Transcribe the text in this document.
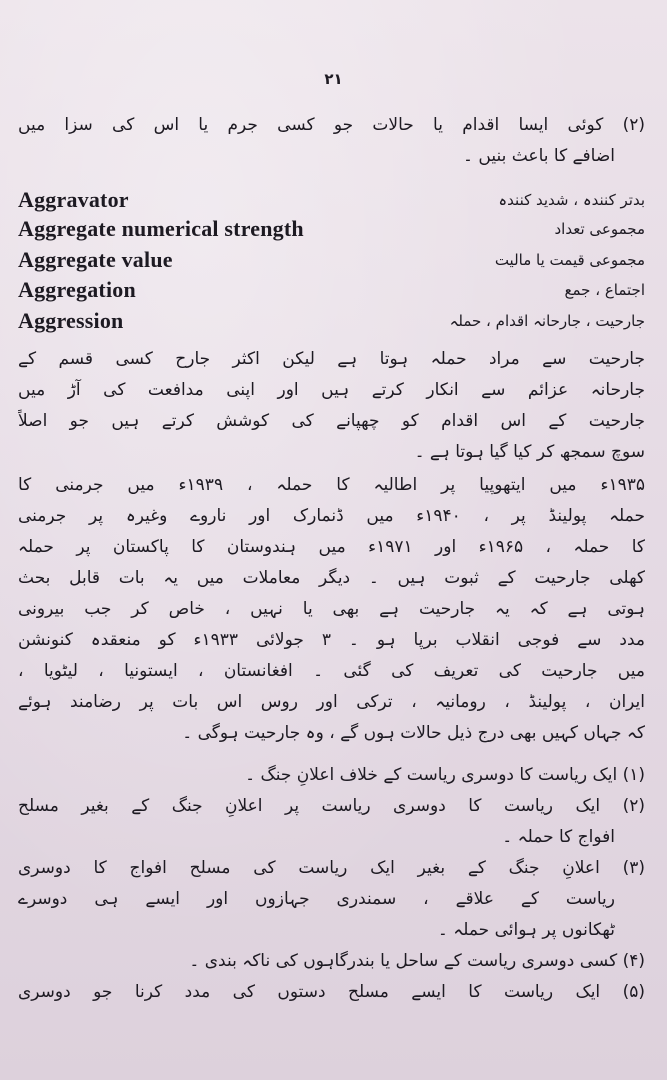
۲۱
(۲) کوئی ایسا اقدام یا حالات جو کسی جرم یا اس کی سزا میں
اضافے کا باعث بنیں ۔
Aggravator	بدتر کنندہ ، شدید کنندہ
Aggregate numerical strength	مجموعی تعداد
Aggregate value	مجموعی قیمت یا مالیت
Aggregation	اجتماع ، جمع
Aggression	جارحیت ، جارحانہ اقدام ، حملہ
جارحیت سے مراد حملہ ہوتا ہے لیکن اکثر جارح کسی قسم کے
جارحانہ عزائم سے انکار کرتے ہیں اور اپنی مدافعت کی آڑ میں
جارحیت کے اس اقدام کو چھپانے کی کوشش کرتے ہیں جو اصلاً
سوچ سمجھ کر کیا گیا ہوتا ہے ۔
۱۹۳۵ء میں ایتھوپیا پر اطالیہ کا حملہ ، ۱۹۳۹ء میں جرمنی کا
حملہ پولینڈ پر ، ۱۹۴۰ء میں ڈنمارک اور ناروے وغیرہ پر جرمنی
کا حملہ ، ۱۹۶۵ء اور ۱۹۷۱ء میں ہندوستان کا پاکستان پر حملہ
کھلی جارحیت کے ثبوت ہیں ۔ دیگر معاملات میں یہ بات قابل بحث
ہوتی ہے کہ یہ جارحیت ہے بھی یا نہیں ، خاص کر جب بیرونی
مدد سے فوجی انقلاب برپا ہو ۔ ۳ جولائی ۱۹۳۳ء کو منعقدہ کنونشن
میں جارحیت کی تعریف کی گئی ۔ افغانستان ، ایستونیا ، لیٹویا ،
ایران ، پولینڈ ، رومانیہ ، ترکی اور روس اس بات پر رضامند ہوئے
کہ جہاں کہیں بھی درج ذیل حالات ہوں گے ، وہ جارحیت ہوگی ۔
(۱) ایک ریاست کا دوسری ریاست کے خلاف اعلانِ جنگ ۔
(۲) ایک ریاست کا دوسری ریاست پر اعلانِ جنگ کے بغیر مسلح
افواج کا حملہ ۔
(۳) اعلانِ جنگ کے بغیر ایک ریاست کی مسلح افواج کا دوسری
ریاست کے علاقے ، سمندری جہازوں اور ایسے ہی دوسرے
ٹھکانوں پر ہوائی حملہ ۔
(۴) کسی دوسری ریاست کے ساحل یا بندرگاہوں کی ناکہ بندی ۔
(۵) ایک ریاست کا ایسے مسلح دستوں کی مدد کرنا جو دوسری
